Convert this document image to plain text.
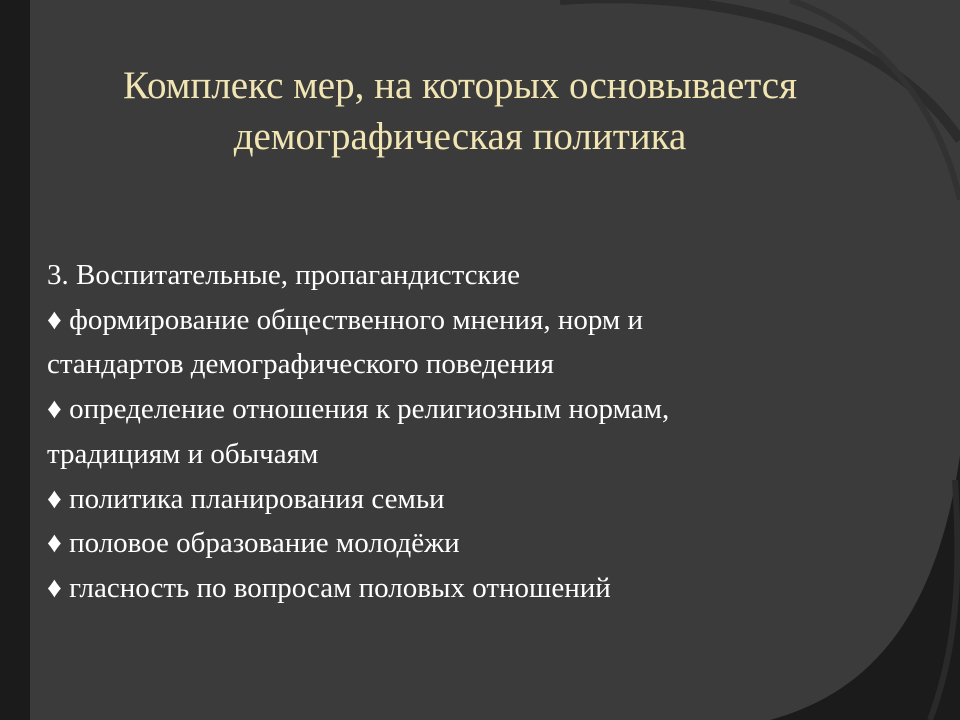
Комплекс мер, на которых основывается
демографическая политика
3. Воспитательные, пропагандистские
♦ формирование общественного мнения, норм и
стандартов демографического поведения
♦ определение отношения к религиозным нормам,
традициям и обычаям
♦ политика планирования семьи
♦ половое образование молодёжи
♦ гласность по вопросам половых отношений
